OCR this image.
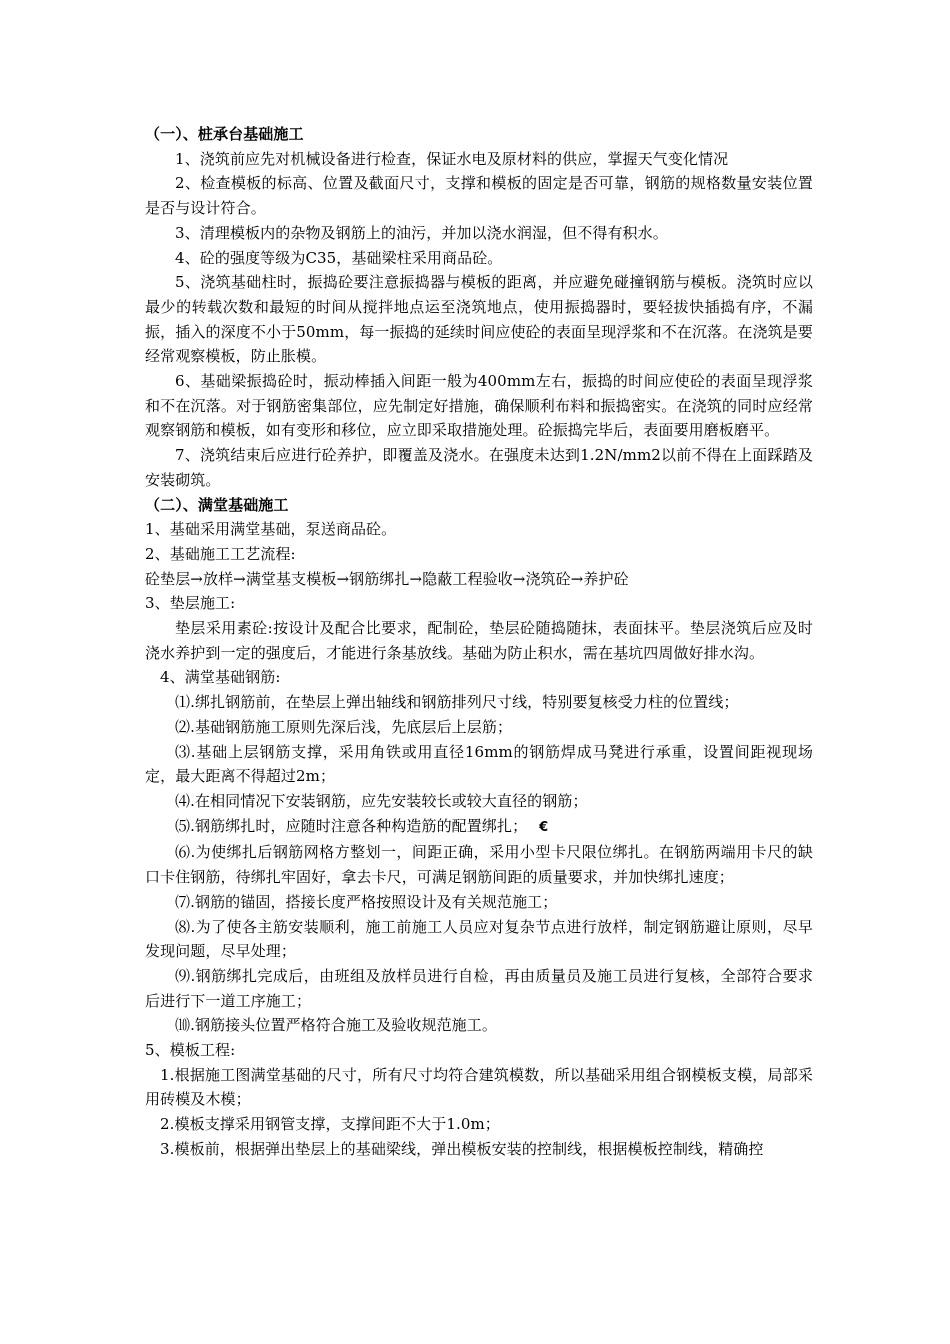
（一）、桩承台基础施工

1、浇筑前应先对机械设备进行检查，保证水电及原材料的供应，掌握天气变化情况

2、检查模板的标高、位置及截面尺寸，支撑和模板的固定是否可靠，钢筋的规格数量安装位置是否与设计符合。

3、清理模板内的杂物及钢筋上的油污，并加以浇水润湿，但不得有积水。

4、砼的强度等级为C35，基础梁柱采用商品砼。

5、浇筑基础柱时，振捣砼要注意振捣器与模板的距离，并应避免碰撞钢筋与模板。浇筑时应以最少的转载次数和最短的时间从搅拌地点运至浇筑地点，使用振捣器时，要轻拔快插捣有序，不漏振，插入的深度不小于50mm，每一振捣的延续时间应使砼的表面呈现浮浆和不在沉落。在浇筑是要经常观察模板，防止胀模。

6、基础梁振捣砼时，振动棒插入间距一般为400mm左右，振捣的时间应使砼的表面呈现浮浆和不在沉落。对于钢筋密集部位，应先制定好措施，确保顺利布料和振捣密实。在浇筑的同时应经常观察钢筋和模板，如有变形和移位，应立即采取措施处理。砼振捣完毕后，表面要用磨板磨平。

7、浇筑结束后应进行砼养护，即覆盖及浇水。在强度未达到1.2N/mm2以前不得在上面踩踏及安装砌筑。

（二）、满堂基础施工

1、基础采用满堂基础，泵送商品砼。

2、基础施工工艺流程:

砼垫层→放样→满堂基支模板→钢筋绑扎→隐蔽工程验收→浇筑砼→养护砼

3、垫层施工:

垫层采用素砼:按设计及配合比要求，配制砼，垫层砼随捣随抹，表面抹平。垫层浇筑后应及时浇水养护到一定的强度后，才能进行条基放线。基础为防止积水，需在基坑四周做好排水沟。

4、满堂基础钢筋:

⑴.绑扎钢筋前，在垫层上弹出轴线和钢筋排列尺寸线，特别要复核受力柱的位置线；

⑵.基础钢筋施工原则先深后浅，先底层后上层筋；

⑶.基础上层钢筋支撑，采用角铁或用直径16mm的钢筋焊成马凳进行承重，设置间距视现场定，最大距离不得超过2m；

⑷.在相同情况下安装钢筋，应先安装较长或较大直径的钢筋；

⑸.钢筋绑扎时，应随时注意各种构造筋的配置绑扎； €

⑹.为使绑扎后钢筋网格方整划一，间距正确，采用小型卡尺限位绑扎。在钢筋两端用卡尺的缺口卡住钢筋，待绑扎牢固好，拿去卡尺，可满足钢筋间距的质量要求，并加快绑扎速度；

⑺.钢筋的锚固，搭接长度严格按照设计及有关规范施工；

⑻.为了使各主筋安装顺利，施工前施工人员应对复杂节点进行放样，制定钢筋避让原则，尽早发现问题，尽早处理；

⑼.钢筋绑扎完成后，由班组及放样员进行自检，再由质量员及施工员进行复核，全部符合要求后进行下一道工序施工；

⑽.钢筋接头位置严格符合施工及验收规范施工。

5、模板工程:

1.根据施工图满堂基础的尺寸，所有尺寸均符合建筑模数，所以基础采用组合钢模板支模，局部采用砖模及木模；

2.模板支撑采用钢管支撑，支撑间距不大于1.0m；

3.模板前，根据弹出垫层上的基础梁线，弹出模板安装的控制线，根据模板控制线，精确控
